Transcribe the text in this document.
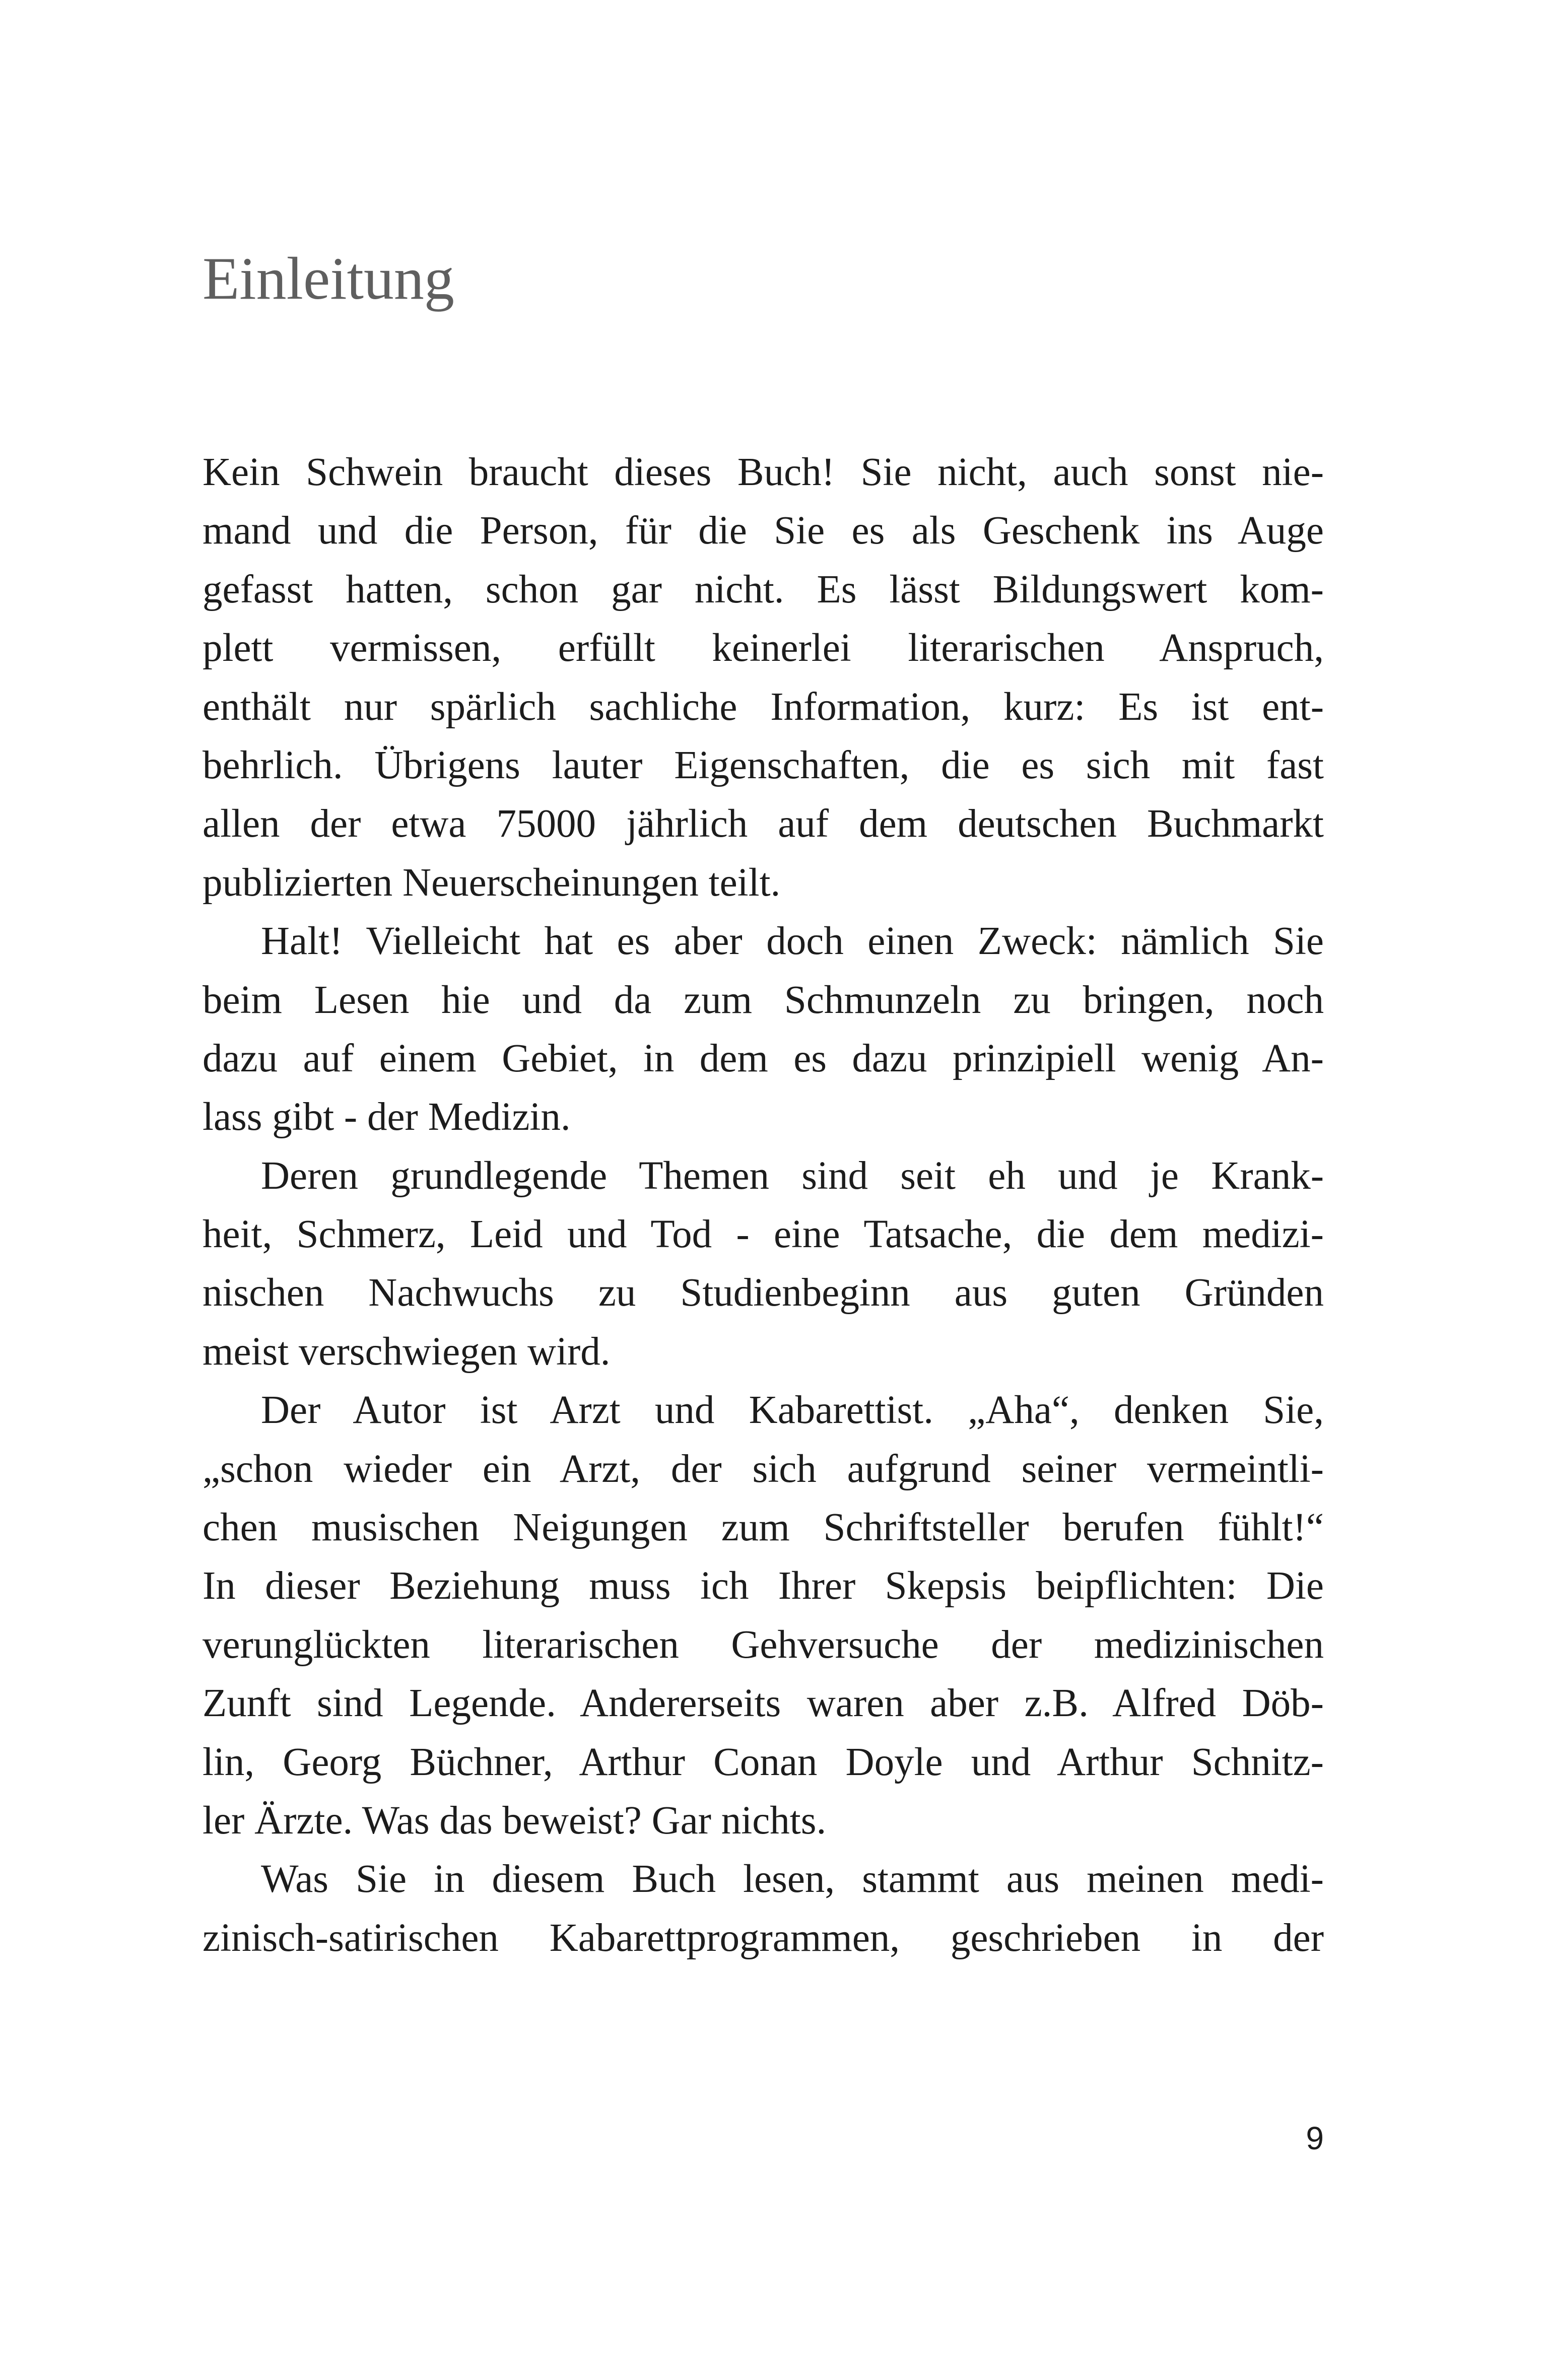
Einleitung
Kein Schwein braucht dieses Buch! Sie nicht, auch sonst nie-
mand und die Person, für die Sie es als Geschenk ins Auge
gefasst hatten, schon gar nicht. Es lässt Bildungswert kom-
plett vermissen, erfüllt keinerlei literarischen Anspruch,
enthält nur spärlich sachliche Information, kurz: Es ist ent-
behrlich. Übrigens lauter Eigenschaften, die es sich mit fast
allen der etwa 75000 jährlich auf dem deutschen Buchmarkt
publizierten Neuerscheinungen teilt.
Halt! Vielleicht hat es aber doch einen Zweck: nämlich Sie
beim Lesen hie und da zum Schmunzeln zu bringen, noch
dazu auf einem Gebiet, in dem es dazu prinzipiell wenig An-
lass gibt - der Medizin.
Deren grundlegende Themen sind seit eh und je Krank-
heit, Schmerz, Leid und Tod - eine Tatsache, die dem medizi-
nischen Nachwuchs zu Studienbeginn aus guten Gründen
meist verschwiegen wird.
Der Autor ist Arzt und Kabarettist. „Aha“, denken Sie,
„schon wieder ein Arzt, der sich aufgrund seiner vermeintli-
chen musischen Neigungen zum Schriftsteller berufen fühlt!“
In dieser Beziehung muss ich Ihrer Skepsis beipflichten: Die
verunglückten literarischen Gehversuche der medizinischen
Zunft sind Legende. Andererseits waren aber z.B. Alfred Döb-
lin, Georg Büchner, Arthur Conan Doyle und Arthur Schnitz-
ler Ärzte. Was das beweist? Gar nichts.
Was Sie in diesem Buch lesen, stammt aus meinen medi-
zinisch-satirischen Kabarettprogrammen, geschrieben in der
9
